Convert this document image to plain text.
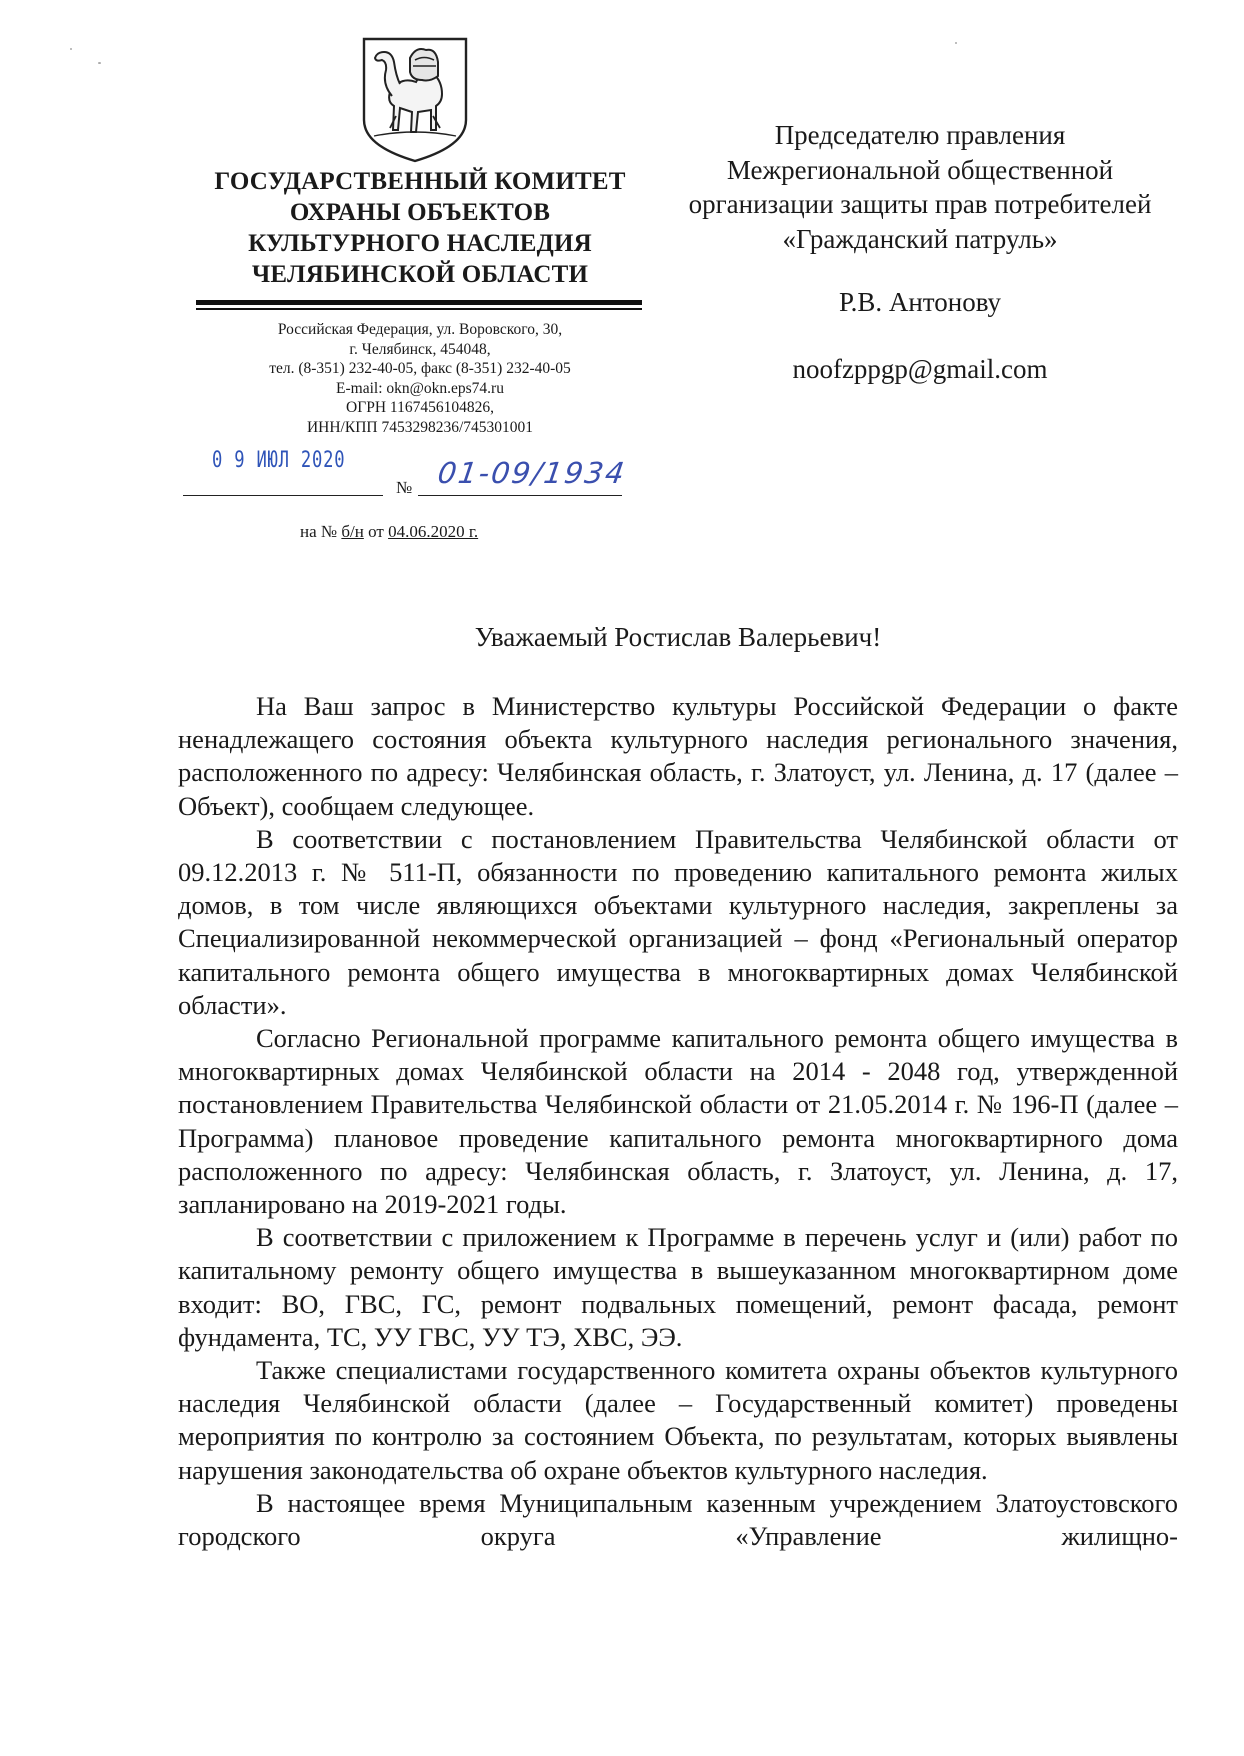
ГОСУДАРСТВЕННЫЙ КОМИТЕТ
ОХРАНЫ ОБЪЕКТОВ
КУЛЬТУРНОГО НАСЛЕДИЯ
ЧЕЛЯБИНСКОЙ ОБЛАСТИ
Российская Федерация, ул. Воровского, 30,
г. Челябинск, 454048,
тел. (8-351) 232-40-05, факс (8-351) 232-40-05
E-mail: okn@okn.eps74.ru
ОГРН 1167456104826,
ИНН/КПП 7453298236/745301001
0 9 ИЮЛ 2020
№ 01-09/1934
на № б/н от 04.06.2020 г.
Председателю правления
Межрегиональной общественной
организации защиты прав потребителей
«Гражданский патруль»
Р.В. Антонову
noofzppgp@gmail.com
Уважаемый Ростислав Валерьевич!

На Ваш запрос в Министерство культуры Российской Федерации о факте ненадлежащего состояния объекта культурного наследия регионального значения, расположенного по адресу: Челябинская область, г. Златоуст, ул. Ленина, д. 17 (далее – Объект), сообщаем следующее.

В соответствии с постановлением Правительства Челябинской области от 09.12.2013 г. № 511-П, обязанности по проведению капитального ремонта жилых домов, в том числе являющихся объектами культурного наследия, закреплены за Специализированной некоммерческой организацией – фонд «Региональный оператор капитального ремонта общего имущества в многоквартирных домах Челябинской области».

Согласно Региональной программе капитального ремонта общего имущества в многоквартирных домах Челябинской области на 2014 - 2048 год, утвержденной постановлением Правительства Челябинской области от 21.05.2014 г. № 196-П (далее – Программа) плановое проведение капитального ремонта многоквартирного дома расположенного по адресу: Челябинская область, г. Златоуст, ул. Ленина, д. 17, запланировано на 2019-2021 годы.

В соответствии с приложением к Программе в перечень услуг и (или) работ по капитальному ремонту общего имущества в вышеуказанном многоквартирном доме входит: ВО, ГВС, ГС, ремонт подвальных помещений, ремонт фасада, ремонт фундамента, ТС, УУ ГВС, УУ ТЭ, ХВС, ЭЭ.

Также специалистами государственного комитета охраны объектов культурного наследия Челябинской области (далее – Государственный комитет) проведены мероприятия по контролю за состоянием Объекта, по результатам, которых выявлены нарушения законодательства об охране объектов культурного наследия.

В настоящее время Муниципальным казенным учреждением Златоустовского городского округа «Управление жилищно-
